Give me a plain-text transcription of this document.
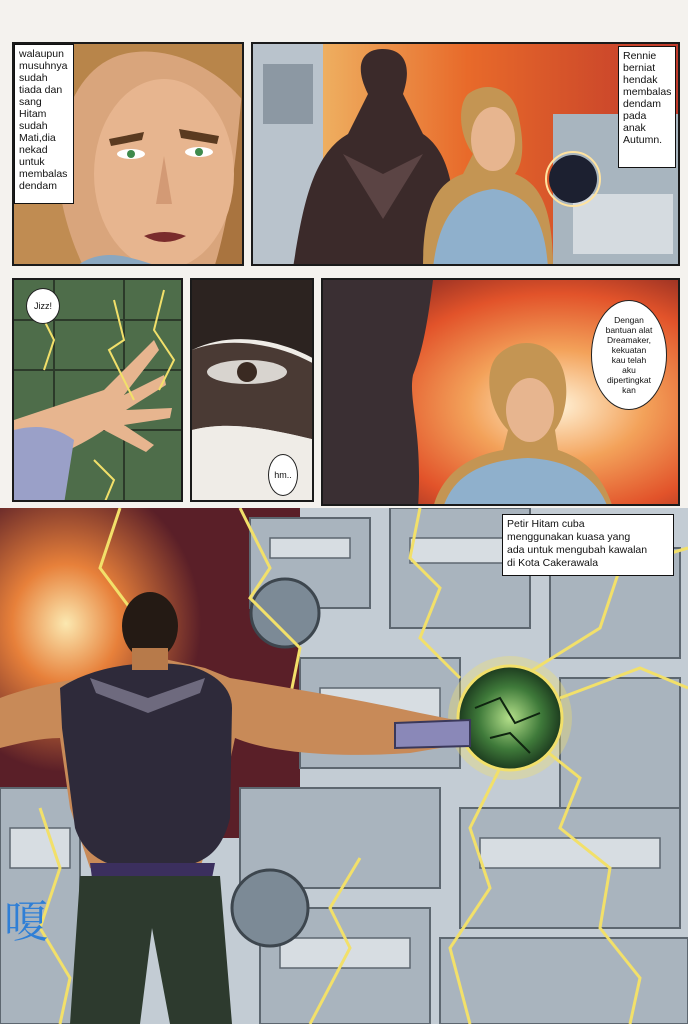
walaupun
musuhnya
sudah
tiada dan
sang Hitam
sudah
Mati,dia
nekad
untuk
membalas
dendam
Rennie
berniat
hendak
membalas
dendam
pada anak
Autumn.
Jizz!
hm..
Dengan
bantuan alat
Dreamaker,
kekuatan
kau telah
aku
dipertingkat
kan
Petir Hitam cuba
menggunakan kuasa yang
ada untuk mengubah kawalan
di Kota Cakerawala
嗄
